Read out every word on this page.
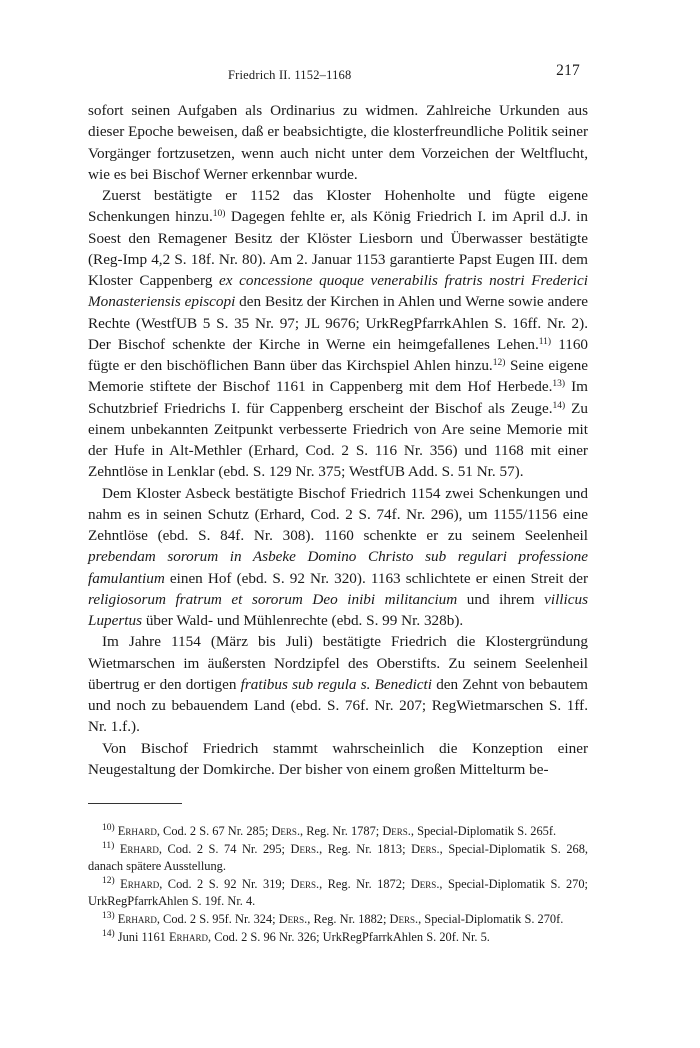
Friedrich II. 1152–1168	217

sofort seinen Aufgaben als Ordinarius zu widmen. Zahlreiche Urkunden aus dieser Epoche beweisen, daß er beabsichtigte, die klosterfreundliche Politik seiner Vorgänger fortzusetzen, wenn auch nicht unter dem Vorzeichen der Weltflucht, wie es bei Bischof Werner erkennbar wurde.

Zuerst bestätigte er 1152 das Kloster Hohenholte und fügte eigene Schenkungen hinzu.$^{10)}$ Dagegen fehlte er, als König Friedrich I. im April d.J. in Soest den Remagener Besitz der Klöster Liesborn und Überwasser bestätigte (Reg-Imp 4,2 S. 18f. Nr. 80). Am 2. Januar 1153 garantierte Papst Eugen III. dem Kloster Cappenberg ex concessione quoque venerabilis fratris nostri Frederici Monasteriensis episcopi den Besitz der Kirchen in Ahlen und Werne sowie andere Rechte (WestfUB 5 S. 35 Nr. 97; JL 9676; UrkRegPfarrkAhlen S. 16ff. Nr. 2). Der Bischof schenkte der Kirche in Werne ein heimgefallenes Lehen.$^{11)}$ 1160 fügte er den bischöflichen Bann über das Kirchspiel Ahlen hinzu.$^{12)}$ Seine eigene Memorie stiftete der Bischof 1161 in Cappenberg mit dem Hof Herbede.$^{13)}$ Im Schutzbrief Friedrichs I. für Cappenberg erscheint der Bischof als Zeuge.$^{14)}$ Zu einem unbekannten Zeitpunkt verbesserte Friedrich von Are seine Memorie mit der Hufe in Alt-Methler (Erhard, Cod. 2 S. 116 Nr. 356) und 1168 mit einer Zehntlöse in Lenklar (ebd. S. 129 Nr. 375; WestfUB Add. S. 51 Nr. 57).

Dem Kloster Asbeck bestätigte Bischof Friedrich 1154 zwei Schenkungen und nahm es in seinen Schutz (Erhard, Cod. 2 S. 74f. Nr. 296), um 1155/1156 eine Zehntlöse (ebd. S. 84f. Nr. 308). 1160 schenkte er zu seinem Seelenheil prebendam sororum in Asbeke Domino Christo sub regulari professione famulantium einen Hof (ebd. S. 92 Nr. 320). 1163 schlichtete er einen Streit der religiosorum fratrum et sororum Deo inibi militancium und ihrem villicus Lupertus über Wald- und Mühlenrechte (ebd. S. 99 Nr. 328b).

Im Jahre 1154 (März bis Juli) bestätigte Friedrich die Klostergründung Wietmarschen im äußersten Nordzipfel des Oberstifts. Zu seinem Seelenheil übertrug er den dortigen fratibus sub regula s. Benedicti den Zehnt von bebautem und noch zu bebauendem Land (ebd. S. 76f. Nr. 207; RegWietmarschen S. 1ff. Nr. 1.f.).

Von Bischof Friedrich stammt wahrscheinlich die Konzeption einer Neugestaltung der Domkirche. Der bisher von einem großen Mittelturm be-

$^{10)}$ Erhard, Cod. 2 S. 67 Nr. 285; Ders., Reg. Nr. 1787; Ders., Special-Diplomatik S. 265f.

$^{11)}$ Erhard, Cod. 2 S. 74 Nr. 295; Ders., Reg. Nr. 1813; Ders., Special-Diplomatik S. 268, danach spätere Ausstellung.

$^{12)}$ Erhard, Cod. 2 S. 92 Nr. 319; Ders., Reg. Nr. 1872; Ders., Special-Diplomatik S. 270; UrkRegPfarrkAhlen S. 19f. Nr. 4.

$^{13)}$ Erhard, Cod. 2 S. 95f. Nr. 324; Ders., Reg. Nr. 1882; Ders., Special-Diplomatik S. 270f.

$^{14)}$ Juni 1161 Erhard, Cod. 2 S. 96 Nr. 326; UrkRegPfarrkAhlen S. 20f. Nr. 5.
